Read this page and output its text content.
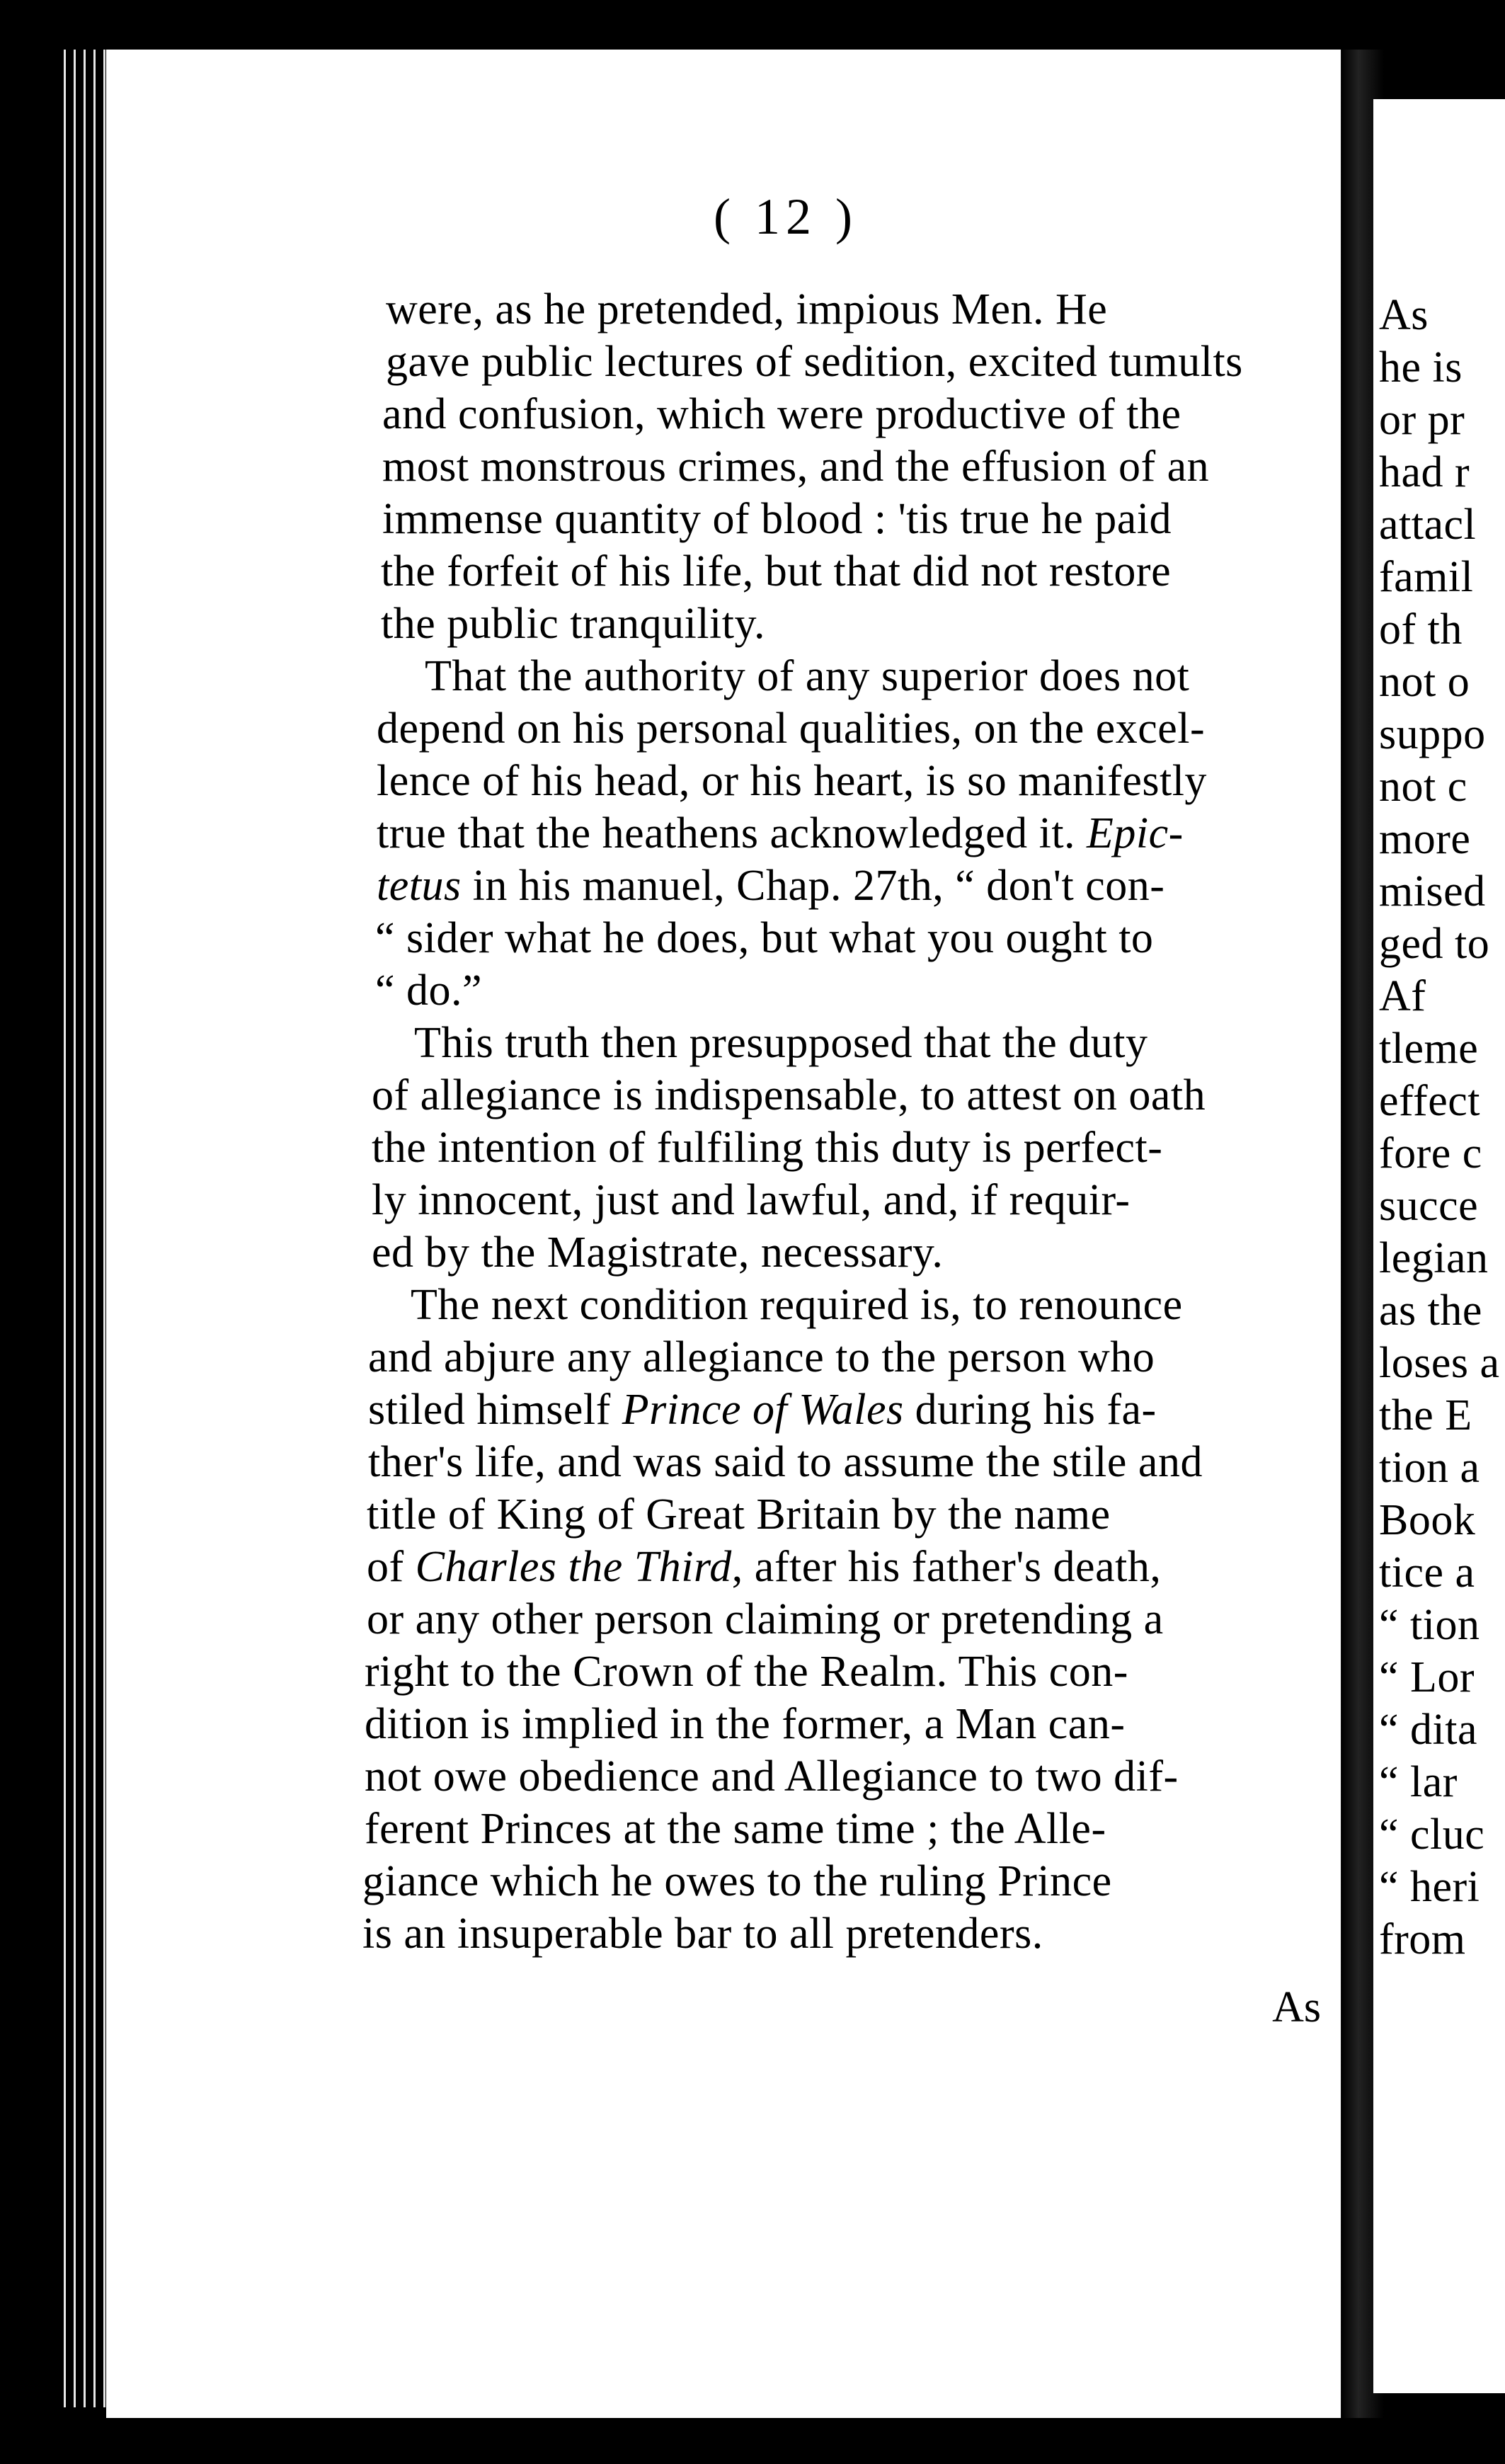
( 12 )
were, as he pretended, impious Men. He
gave public lectures of sedition, excited tumults
and confusion, which were productive of the
most monstrous crimes, and the effusion of an
immense quantity of blood : 'tis true he paid
the forfeit of his life, but that did not restore
the public tranquility.
That the authority of any superior does not
depend on his personal qualities, on the excel-
lence of his head, or his heart, is so manifestly
true that the heathens acknowledged it. Epic-
tetus in his manuel, Chap. 27th, “ don't con-
“ sider what he does, but what you ought to
“ do.”
This truth then presupposed that the duty
of allegiance is indispensable, to attest on oath
the intention of fulfiling this duty is perfect-
ly innocent, just and lawful, and, if requir-
ed by the Magistrate, necessary.
The next condition required is, to renounce
and abjure any allegiance to the person who
stiled himself Prince of Wales during his fa-
ther's life, and was said to assume the stile and
title of King of Great Britain by the name
of Charles the Third, after his father's death,
or any other person claiming or pretending a
right to the Crown of the Realm. This con-
dition is implied in the former, a Man can-
not owe obedience and Allegiance to two dif-
ferent Princes at the same time ; the Alle-
giance which he owes to the ruling Prince
is an insuperable bar to all pretenders.
As
As
he is
or pr
had r
attacl
famil
of th
not o
suppo
not c
more
mised
ged to
Af
tleme
effect
fore c
succe
legian
as the
loses a
the E
tion a
Book
tice a
“ tion
“ Lor
“ dita
“ lar
“ cluc
“ heri
from
